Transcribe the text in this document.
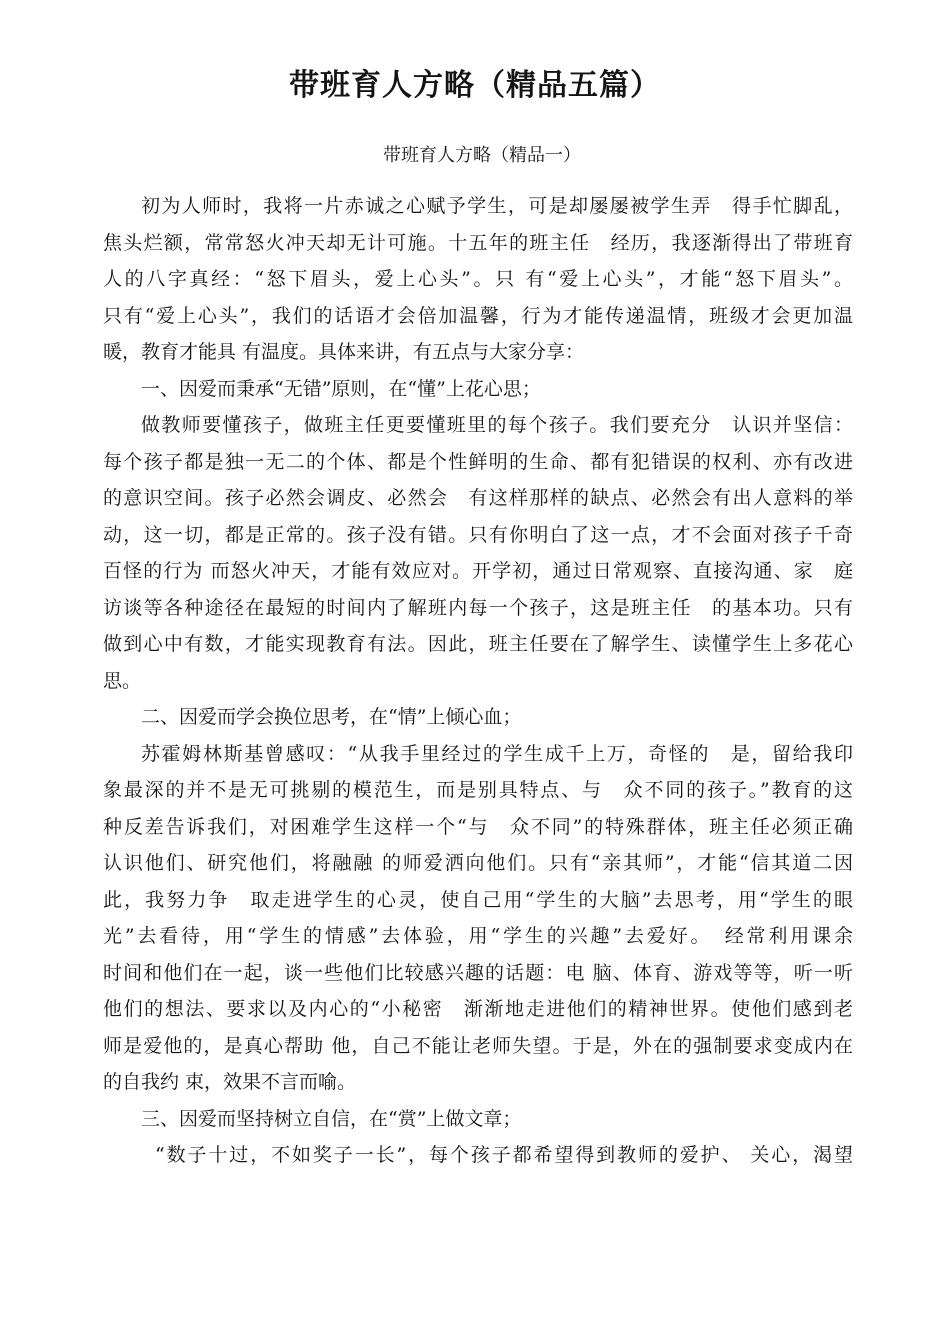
带班育人方略（精品五篇）

带班育人方略（精品一）

初为人师时，我将一片赤诚之心赋予学生，可是却屡屡被学生弄　得手忙脚乱，
焦头烂额，常常怒火冲天却无计可施。十五年的班主任　经历，我逐渐得出了带班育
人的八字真经：“怒下眉头，爱上心头”。只 有“爱上心头”，才能“怒下眉头”。
只有“爱上心头”，我们的话语才会倍加温馨，行为才能传递温情，班级才会更加温
暖，教育才能具 有温度。具体来讲，有五点与大家分享：
一、因爱而秉承“无错”原则，在“懂”上花心思；
做教师要懂孩子，做班主任更要懂班里的每个孩子。我们要充分　认识并坚信：
每个孩子都是独一无二的个体、都是个性鲜明的生命、都有犯错误的权利、亦有改进
的意识空间。孩子必然会调皮、必然会　有这样那样的缺点、必然会有出人意料的举
动，这一切，都是正常的。孩子没有错。只有你明白了这一点，才不会面对孩子千奇
百怪的行为 而怒火冲天，才能有效应对。开学初，通过日常观察、直接沟通、家　庭
访谈等各种途径在最短的时间内了解班内每一个孩子，这是班主任　的基本功。只有
做到心中有数，才能实现教育有法。因此，班主任要在了解学生、读懂学生上多花心
思。
二、因爱而学会换位思考，在“情”上倾心血；
苏霍姆林斯基曾感叹：“从我手里经过的学生成千上万，奇怪的　是，留给我印
象最深的并不是无可挑剔的模范生，而是别具特点、与　众不同的孩子。”教育的这
种反差告诉我们，对困难学生这样一个“与　众不同”的特殊群体，班主任必须正确
认识他们、研究他们，将融融 的师爱洒向他们。只有“亲其师”，才能“信其道二因
此，我努力争　取走进学生的心灵，使自己用“学生的大脑”去思考，用“学生的眼
光”去看待，用“学生的情感”去体验，用“学生的兴趣”去爱好。　经常利用课余
时间和他们在一起，谈一些他们比较感兴趣的话题：电 脑、体育、游戏等等，听一听
他们的想法、要求以及内心的“小秘密　渐渐地走进他们的精神世界。使他们感到老
师是爱他的，是真心帮助 他，自己不能让老师失望。于是，外在的强制要求变成内在
的自我约 束，效果不言而喻。
三、因爱而坚持树立自信，在“赏”上做文章；
“数子十过，不如奖子一长”，每个孩子都希望得到教师的爱护、 关心，渴望
